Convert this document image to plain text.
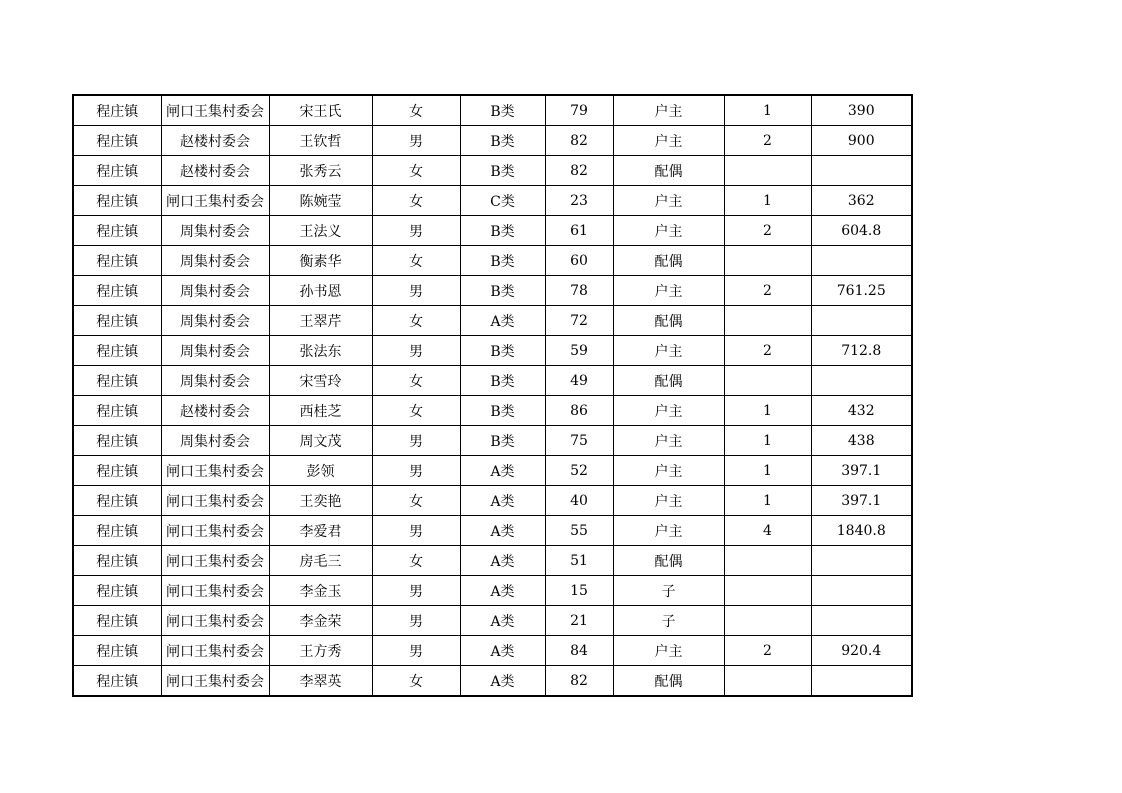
程庄镇	闸口王集村委会	宋王氏	女	B类	79	户主	1	390
程庄镇	赵楼村委会	王钦哲	男	B类	82	户主	2	900
程庄镇	赵楼村委会	张秀云	女	B类	82	配偶		
程庄镇	闸口王集村委会	陈婉莹	女	C类	23	户主	1	362
程庄镇	周集村委会	王法义	男	B类	61	户主	2	604.8
程庄镇	周集村委会	衡素华	女	B类	60	配偶		
程庄镇	周集村委会	孙书恩	男	B类	78	户主	2	761.25
程庄镇	周集村委会	王翠芹	女	A类	72	配偶		
程庄镇	周集村委会	张法东	男	B类	59	户主	2	712.8
程庄镇	周集村委会	宋雪玲	女	B类	49	配偶		
程庄镇	赵楼村委会	西桂芝	女	B类	86	户主	1	432
程庄镇	周集村委会	周文茂	男	B类	75	户主	1	438
程庄镇	闸口王集村委会	彭领	男	A类	52	户主	1	397.1
程庄镇	闸口王集村委会	王奕艳	女	A类	40	户主	1	397.1
程庄镇	闸口王集村委会	李爱君	男	A类	55	户主	4	1840.8
程庄镇	闸口王集村委会	房毛三	女	A类	51	配偶		
程庄镇	闸口王集村委会	李金玉	男	A类	15	子		
程庄镇	闸口王集村委会	李金荣	男	A类	21	子		
程庄镇	闸口王集村委会	王方秀	男	A类	84	户主	2	920.4
程庄镇	闸口王集村委会	李翠英	女	A类	82	配偶		
